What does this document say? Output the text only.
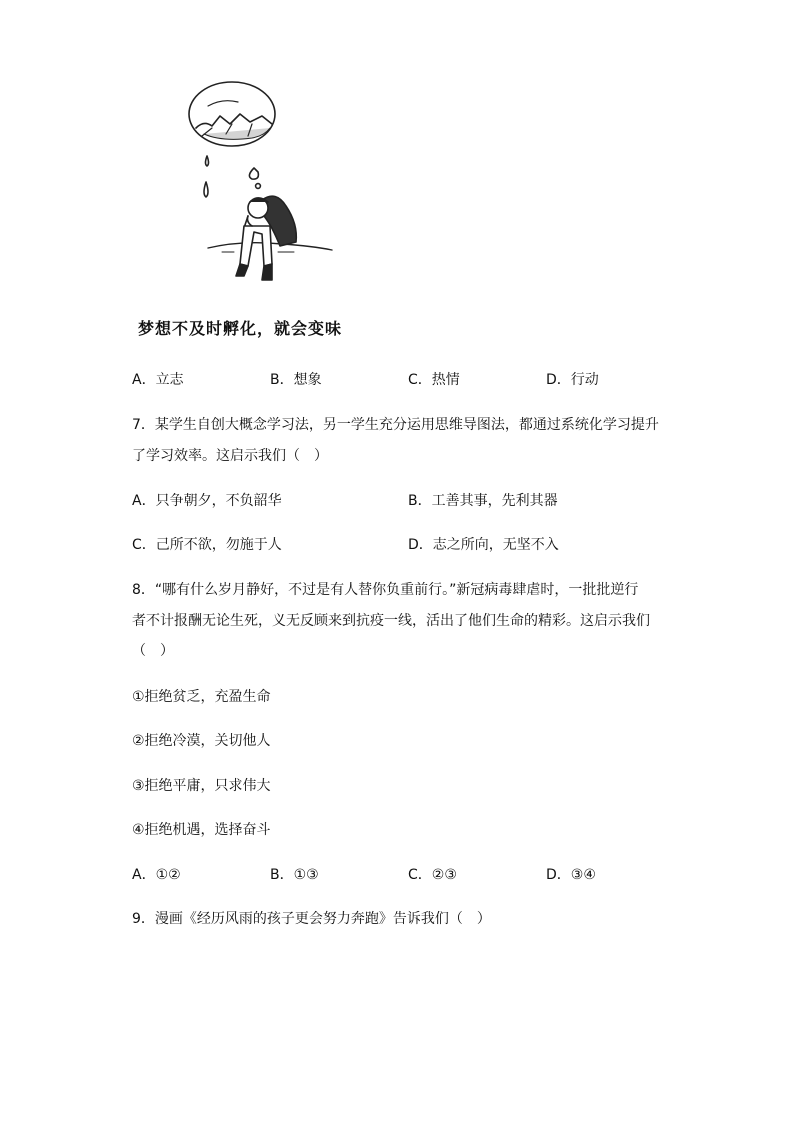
梦想不及时孵化，就会变味
A．立志	B．想象	C．热情	D．行动
7．某学生自创大概念学习法，另一学生充分运用思维导图法，都通过系统化学习提升
了学习效率。这启示我们（　）
A．只争朝夕，不负韶华	B．工善其事，先利其器
C．己所不欲，勿施于人	D．志之所向，无坚不入
8．“哪有什么岁月静好，不过是有人替你负重前行。”新冠病毒肆虐时，一批批逆行
者不计报酬无论生死，义无反顾来到抗疫一线，活出了他们生命的精彩。这启示我们
（　）
①拒绝贫乏，充盈生命
②拒绝冷漠，关切他人
③拒绝平庸，只求伟大
④拒绝机遇，选择奋斗
A．①②	B．①③	C．②③	D．③④
9．漫画《经历风雨的孩子更会努力奔跑》告诉我们（　）
